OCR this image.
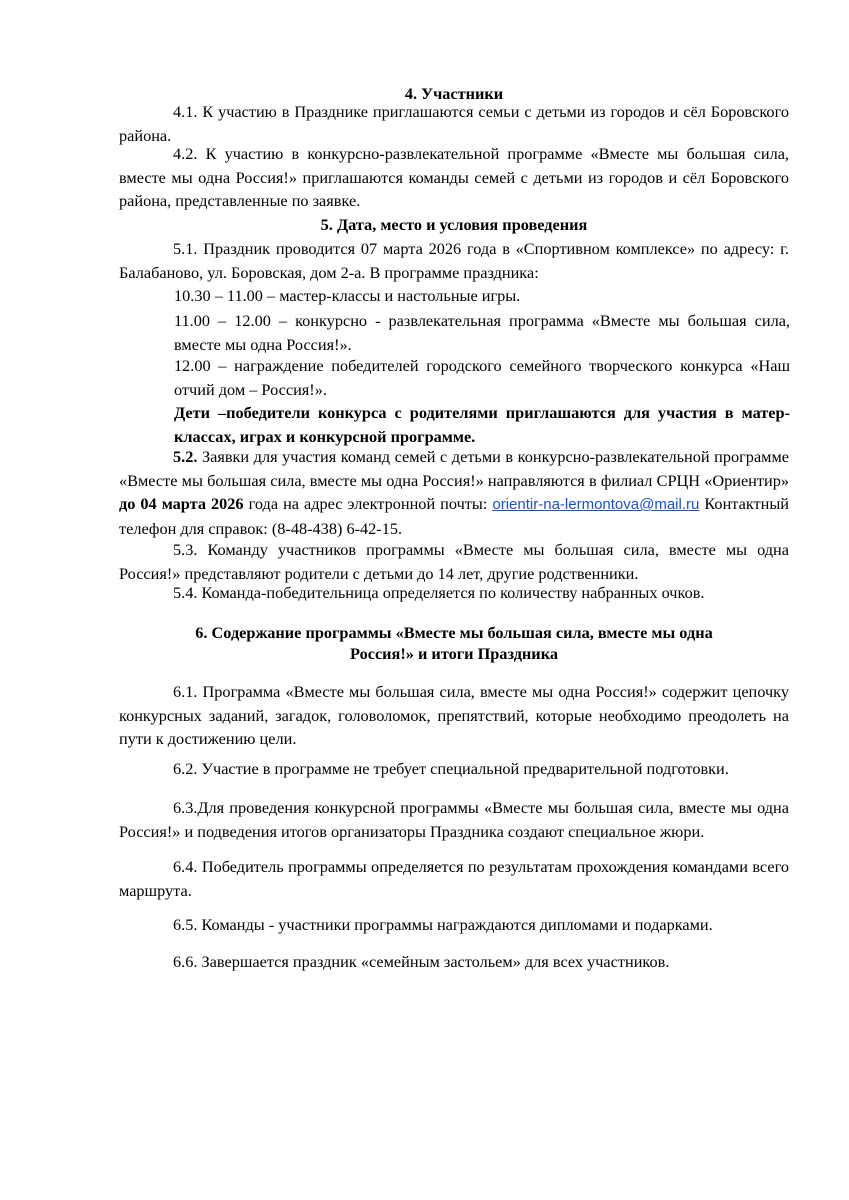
4. Участники

4.1. К участию в Празднике приглашаются семьи с детьми из городов и сёл Боровского района.

4.2. К участию в конкурсно-развлекательной программе «Вместе мы большая сила, вместе мы одна Россия!» приглашаются команды семей с детьми из городов и сёл Боровского района, представленные по заявке.

5. Дата, место и условия проведения

5.1. Праздник проводится 07 марта 2026 года в «Спортивном комплексе» по адресу: г. Балабаново, ул. Боровская, дом 2-а. В программе праздника:

10.30 – 11.00 – мастер-классы и настольные игры.

11.00 – 12.00 – конкурсно - развлекательная программа «Вместе мы большая сила, вместе мы одна Россия!».

12.00 – награждение победителей городского семейного творческого конкурса «Наш отчий дом – Россия!».

Дети –победители конкурса с родителями приглашаются для участия в матер-классах, играх и конкурсной программе.

5.2. Заявки для участия команд семей с детьми в конкурсно-развлекательной программе «Вместе мы большая сила, вместе мы одна Россия!» направляются в филиал СРЦН «Ориентир» до 04 марта 2026 года на адрес электронной почты: orientir-na-lermontova@mail.ru Контактный телефон для справок: (8-48-438) 6-42-15.

5.3. Команду участников программы «Вместе мы большая сила, вместе мы одна Россия!» представляют родители с детьми до 14 лет, другие родственники.

5.4. Команда-победительница определяется по количеству набранных очков.

6. Содержание программы «Вместе мы большая сила, вместе мы одна

Россия!» и итоги Праздника

6.1. Программа «Вместе мы большая сила, вместе мы одна Россия!» содержит цепочку конкурсных заданий, загадок, головоломок, препятствий, которые необходимо преодолеть на пути к достижению цели.

6.2. Участие в программе не требует специальной предварительной подготовки.

6.3.Для проведения конкурсной программы «Вместе мы большая сила, вместе мы одна Россия!» и подведения итогов организаторы Праздника создают специальное жюри.

6.4. Победитель программы определяется по результатам прохождения командами всего маршрута.

6.5. Команды - участники программы награждаются дипломами и подарками.

6.6. Завершается праздник «семейным застольем» для всех участников.
